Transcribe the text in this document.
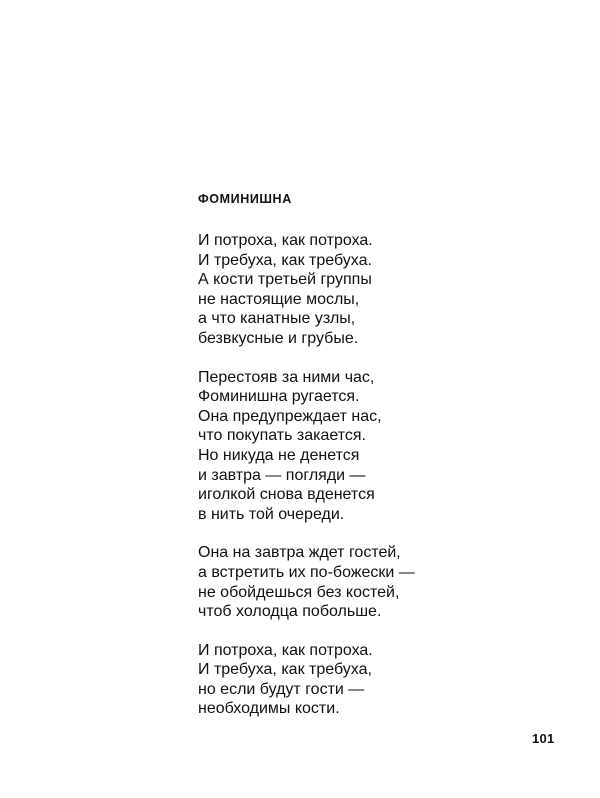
ФОМИНИШНА
И потроха, как потроха.
И требуха, как требуха.
А кости третьей группы
не настоящие мослы,
а что канатные узлы,
безвкусные и грубые.
Перестояв за ними час,
Фоминишна ругается.
Она предупреждает нас,
что покупать закается.
Но никуда не денется
и завтра — погляди —
иголкой снова вденется
в нить той очереди.
Она на завтра ждет гостей,
а встретить их по-божески —
не обойдешься без костей,
чтоб холодца побольше.
И потроха, как потроха.
И требуха, как требуха,
но если будут гости —
необходимы кости.
101
